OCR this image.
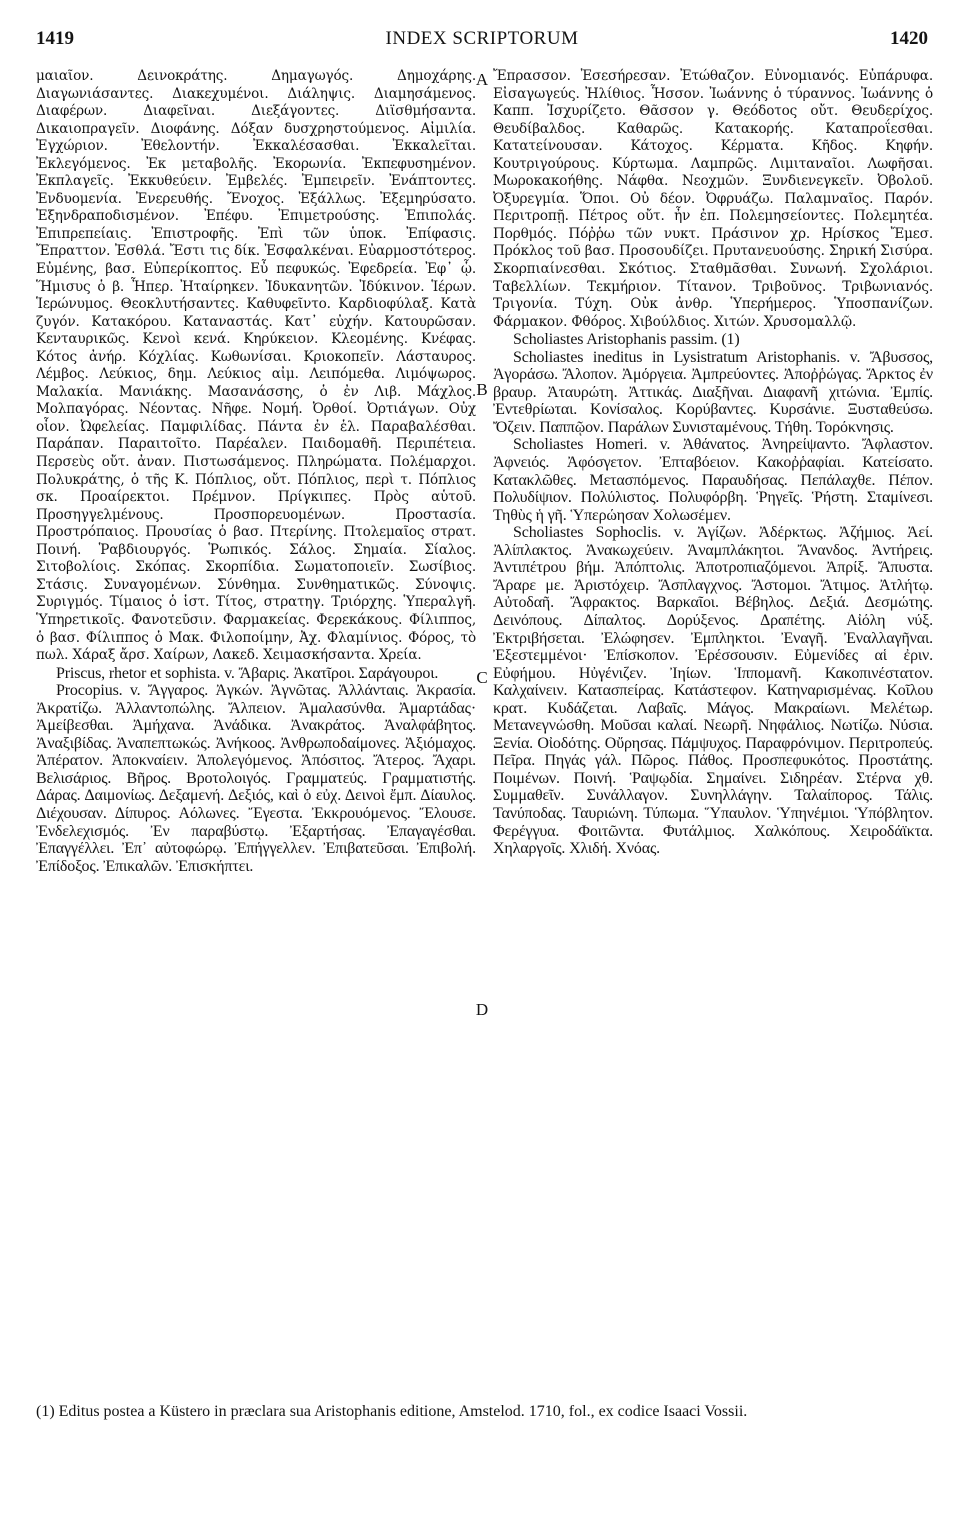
1419	INDEX SCRIPTORUM	1420

μαιαῖον. Δεινοκράτης. Δημαγωγός. Δημοχάρης. Διαγωνιάσαντες. Διακεχυμένοι. Διάληψις. Διαμησάμενος. Διαφέρων. Διαφεῖναι. Διεξάγοντες. Διϊσθμήσαντα. Δικαιοπραγεῖν. Διοφάνης. Δόξαν δυσχρηστούμενος. Αἰμιλία. Ἐγχώριον. Ἐθελοντήν. Ἐκκαλέσασθαι. Ἐκκαλεῖται. Ἐκλεγόμενος. Ἐκ μεταβολῆς. Ἐκορωνία. Ἐκπεφυσημένον. Ἐκπλαγεῖς. Ἐκκυθεύειν. Ἐμβελές. Ἐμπειρεῖν. Ἐνάπτοντες. Ἐνδυομενία. Ἐνερευθής. Ἔνοχος. Ἐξάλλως. Ἐξεμηρύσατο. Ἐξηνδραποδισμένον. Ἐπέφυ. Ἐπιμετρούσης. Ἐπιπολάς. Ἐπιπρεπείαις. Ἐπιστροφῆς. Ἐπὶ τῶν ὑποκ. Ἐπίφασις. Ἔπραττον. Ἐσθλά. Ἔστι τις δίκ. Ἐσφαλκέναι. Εὐαρμοστότερος. Εὐμένης, βασ. Εὐπερίκοπτος. Εὖ πεφυκώς. Ἐφεδρεία. Ἐφ᾽ ᾧ. Ἥμισυς ὁ β. Ἦπερ. Ἠταίρηκεν. Ἰδυκανητῶν. Ἰδύκινον. Ἱέρων. Ἱερώνυμος. Θεοκλυτήσαντες. Καθυφεῖντο. Καρδιοφύλαξ. Κατὰ ζυγόν. Κατακόρου. Καταναστάς. Κατ᾽ εὐχήν. Κατουρῶσαν. Κενταυρικῶς. Κενοὶ κενά. Κηρύκειον. Κλεομένης. Κνέφας. Κότος ἀνήρ. Κόχλίας. Κωθωνίσαι. Κριοκοπεῖν. Λάσταυρος. Λέμβος. Λεύκιος, δημ. Λεύκιος αἰμ. Λειπόμεθα. Λιμόψωρος. Μαλακία. Μανιάκης. Μασανάσσης, ὁ ἐν Λιβ. Μάχλος. Μολπαγόρας. Νέοντας. Νῆφε. Νομή. Ὀρθοί. Ὀρτιάγων. Οὐχ οἷον. Ὠφελείας. Παμφιλίδας. Πάντα ἐν ἑλ. Παραβαλέσθαι. Παράπαν. Παραιτοῖτο. Παρέαλεν. Παιδομαθῆ. Περιπέτεια. Περσεὺς οὔτ. ἀναν. Πιστωσάμενος. Πληρώματα. Πολέμαρχοι. Πολυκράτης, ὁ τῆς Κ. Πόπλιος, οὔτ. Πόπλιος, περὶ τ. Πόπλιος σκ. Προαίρεκτοι. Πρέμνον. Πρίγκιπες. Πρὸς αὑτοῦ. Προσηγγελμένους. Προσπορευομένων. Προστασία. Προστρόπαιος. Προυσίας ὁ βασ. Πτερίνης. Πτολεμαῖος στρατ. Ποινή. Ῥαβδιουργός. Ῥωπικός. Σάλος. Σημαία. Σίαλος. Σιτοβολίοις. Σκόπας. Σκορπίδια. Σωματοποιεῖν. Σωσίβιος. Στάσις. Συναγομένων. Σύνθημα. Συνθηματικῶς. Σύνοψις. Συριγμός. Τίμαιος ὁ ἱστ. Τίτος, στρατηγ. Τριόρχης. Ὑπεραλγῆ. Ὑπηρετικοῖς. Φανοτεῦσιν. Φαρμακείας. Φερεκάκους. Φίλιππος, ὁ βασ. Φίλιππος ὁ Μακ. Φιλοποίμην, Ἀχ. Φλαμίνιος. Φόρος, τὸ πωλ. Χάραξ ἄρσ. Χαίρων, Λακεδ. Χειμασκήσαντα. Χρεία.

Priscus, rhetor et sophista. v. Ἄβαρις. Ἀκατῖροι. Σαράγουροι.

Procopius. v. Ἄγγαρος. Ἀγκών. Ἀγνῶτας. Ἀλλάνταις. Ἀκρασία. Ἀκρατίζω. Ἀλλαντοπώλης. Ἄλπειον. Ἀμαλασύνθα. Ἀμαρτάδας· Ἀμείβεσθαι. Ἀμήχανα. Ἀνάδικα. Ἀνακράτος. Ἀναλφάβητος. Ἀναξιβίδας. Ἀναπεπτωκώς. Ἀνήκοος. Ἀνθρωποδαίμονες. Ἀξιόμαχος. Ἀπέρατον. Ἀποκναίειν. Ἀπολεγόμενος. Ἀπόσιτος. Ἄτερος. Ἄχαρι. Βελισάριος. Βῆρος. Βροτολοιγός. Γραμματεύς. Γραμματιστής. Δάρας. Δαιμονίως. Δεξαμενή. Δεξιός, καὶ ὁ εὐχ. Δεινοὶ ἔμπ. Δίαυλος. Διέχουσαν. Δίπυρος. Αόλωνες. Ἔγεστα. Ἐκκρουόμενος. Ἔλουσε. Ἐνδελεχισμός. Ἐν παραβύστῳ. Ἐξαρτήσας. Ἐπαγαγέσθαι. Ἐπαγγέλλει. Ἐπ᾽ αὐτοφώρῳ. Ἐπήγγελλεν. Ἐπιβατεῦσαι. Ἐπιβολή. Ἐπίδοξος. Ἐπικαλῶν. Ἐπισκήπτει.

Ἔπρασσον. Ἐσεσήρεσαν. Ἐτώθαζον. Εὐνομιανός. Εὐπάρυφα. Εἰσαγωγεύς. Ἠλίθιος. Ἧσσον. Ἰωάννης ὁ τύραννος. Ἰωάννης ὁ Καππ. Ἰσχυρίζετο. Θᾶσσον γ. Θεόδοτος οὔτ. Θευδερίχος. Θευδίβαλδος. Καθαρῶς. Κατακορής. Καταπροΐεσθαι. Κατατείνουσαν. Κάτοχος. Κέρματα. Κῆδος. Κηφήν. Κουτριγούρους. Κύρτωμα. Λαμπρῶς. Λιμιταναῖοι. Λωφῆσαι. Μωροκακοήθης. Νάφθα. Νεοχμῶν. Ξυνδιενεγκεῖν. Ὀβολοῦ. Ὀξυρεγμία. Ὅποι. Οὐ δέον. Ὀφρυάζω. Παλαμναῖος. Παρόν. Περιτροπῇ. Πέτρος οὔτ. ἦν ἐπ. Πολεμησείοντες. Πολεμητέα. Πορθμός. Πόῤῥω τῶν νυκτ. Πράσινον χρ. Ηρίσκος Ἔμεσ. Πρόκλος τοῦ βασ. Προσουδίζει. Πρυτανευούσης. Σηρική Σισύρα. Σκορπιαίνεσθαι. Σκότιος. Σταθμᾶσθαι. Συνωνή. Σχολάριοι. Ταβελλίων. Τεκμήριον. Τίτανον. Τριβοῦνος. Τριβωνιανός. Τριγονία. Τύχη. Οὐκ ἀνθρ. Ὑπερήμερος. Ὑποσπανίζων. Φάρμακον. Φθόρος. Χιβούλδιος. Χιτών. Χρυσομαλλῷ.

Scholiastes Aristophanis passim. (1)

Scholiastes ineditus in Lysistratum Aristophanis. v. Ἄβυσσος, Ἀγοράσω. Ἄλοπον. Ἀμόργεια. Ἀμπρεύοντες. Ἀποῤῥώγας. Ἄρκτος ἐν βραυρ. Ἀταυρώτη. Ἀττικάς. Διαξῆναι. Διαφανῆ χιτώνια. Ἐμπίς. Ἐντεθρίωται. Κονίσαλος. Κορύβαντες. Κυρσάνιε. Ξυσταθεύσω. Ὄζειν. Παππῷον. Παράλων Συνισταμένους. Τήθη. Τορόκνησις.

Scholiastes Homeri. v. Ἀθάνατος. Ἀνηρείψαντο. Ἄφλαστον. Ἀφνειός. Ἀφόσγετον. Ἐπταβόειον. Κακοῤῥαφίαι. Κατείσατο. Κατακλῶθες. Μετασπόμενος. Παραυδήσας. Πεπάλαχθε. Πέπον. Πολυδίψιον. Πολύλιστος. Πολυφόρβη. Ῥηγεῖς. Ῥήστη. Σταμίνεσι. Τηθὺς ἡ γῆ. Ὑπερώησαν Χολωσέμεν.

Scholiastes Sophoclis. v. Ἀγίζων. Ἀδέρκτως. Ἀζήμιος. Ἀεί. Ἀλίπλακτος. Ἀνακωχεύειν. Ἀναμπλάκητοι. Ἄνανδος. Ἀντήρεις. Ἀντιπέτρου βήμ. Ἀπόπτολις. Ἀποτροπιαζόμενοι. Ἀπρίξ. Ἄπυστα. Ἄραρε με. Ἀριστόχειρ. Ἄσπλαγχνος. Ἄστομοι. Ἄτιμος. Ἀτλήτῳ. Αὐτοδαῆ. Ἄφρακτος. Βαρκαῖοι. Βέβηλος. Δεξιά. Δεσμώτης. Δεινόπους. Δίπαλτος. Δορύξενος. Δραπέτης. Αἰόλη νύξ. Ἐκτριβήσεται. Ἐλώφησεν. Ἐμπληκτοι. Ἐναγῆ. Ἐναλλαγῆναι. Ἐξεστεμμένοι· Ἐπίσκοπον. Ἐρέσσουσιν. Εὐμενίδες αἱ ἐριν. Εὐφήμου. Ηὐγένιζεν. Ἰηίων. Ἱππομανῆ. Κακοπινέστατον. Καλχαίνειν. Κατασπείρας. Κατάστεφον. Κατηναρισμένας. Κοῖλου κρατ. Κυδάζεται. Λαβαῖς. Μάγος. Μακραίωνι. Μελέτωρ. Μετανεγνώσθη. Μοῦσαι καλαί. Νεωρῆ. Νηφάλιος. Νωτίζω. Νύσια. Ξενία. Οἰοδότης. Οὔρησας. Πάμψυχος. Παραφρόνιμον. Περιτροπεύς. Πεῖρα. Πηγάς γάλ. Πῶρος. Πάθος. Προσπεφυκότος. Προστάτης. Ποιμένων. Ποινή. Ῥαψῳδία. Σημαίνει. Σιδηρέαν. Στέρνα χθ. Συμμαθεῖν. Συνάλλαγον. Συνηλλάγην. Ταλαίπορος. Τάλις. Τανύποδας. Ταυριώνη. Τύπωμα. Ὕπαυλον. Ὑπηνέμιοι. Ὑπόβλητον. Φερέγγυα. Φοιτῶντα. Φυτάλμιος. Χαλκόπους. Χειροδάϊκτα. Χηλαργοῖς. Χλιδή. Χνόας.

A
B
C
D
(1) Editus postea a Küstero in præclara sua Aristophanis editione, Amstelod. 1710, fol., ex codice Isaaci Vossii.
